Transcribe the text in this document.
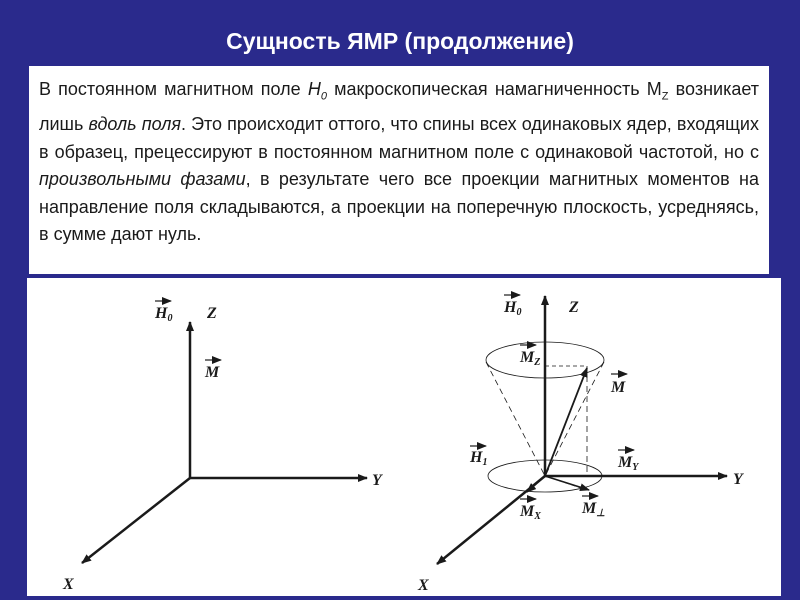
Сущность ЯМР (продолжение)

В постоянном магнитном поле $H_0$ макроскопическая намагниченность $M_Z$ возникает лишь вдоль поля. Это происходит оттого, что спины всех одинаковых ядер, входящих в образец, прецессируют в постоянном магнитном поле с одинаковой частотой, но с произвольными фазами, в результате чего все проекции магнитных моментов на направление поля складываются, а проекции на поперечную плоскость, усредняясь, в сумме дают нуль.

H0 Z
M
Y
X
H0	Z
MZ
M
H1	MY
Y
MX	M⊥
X
